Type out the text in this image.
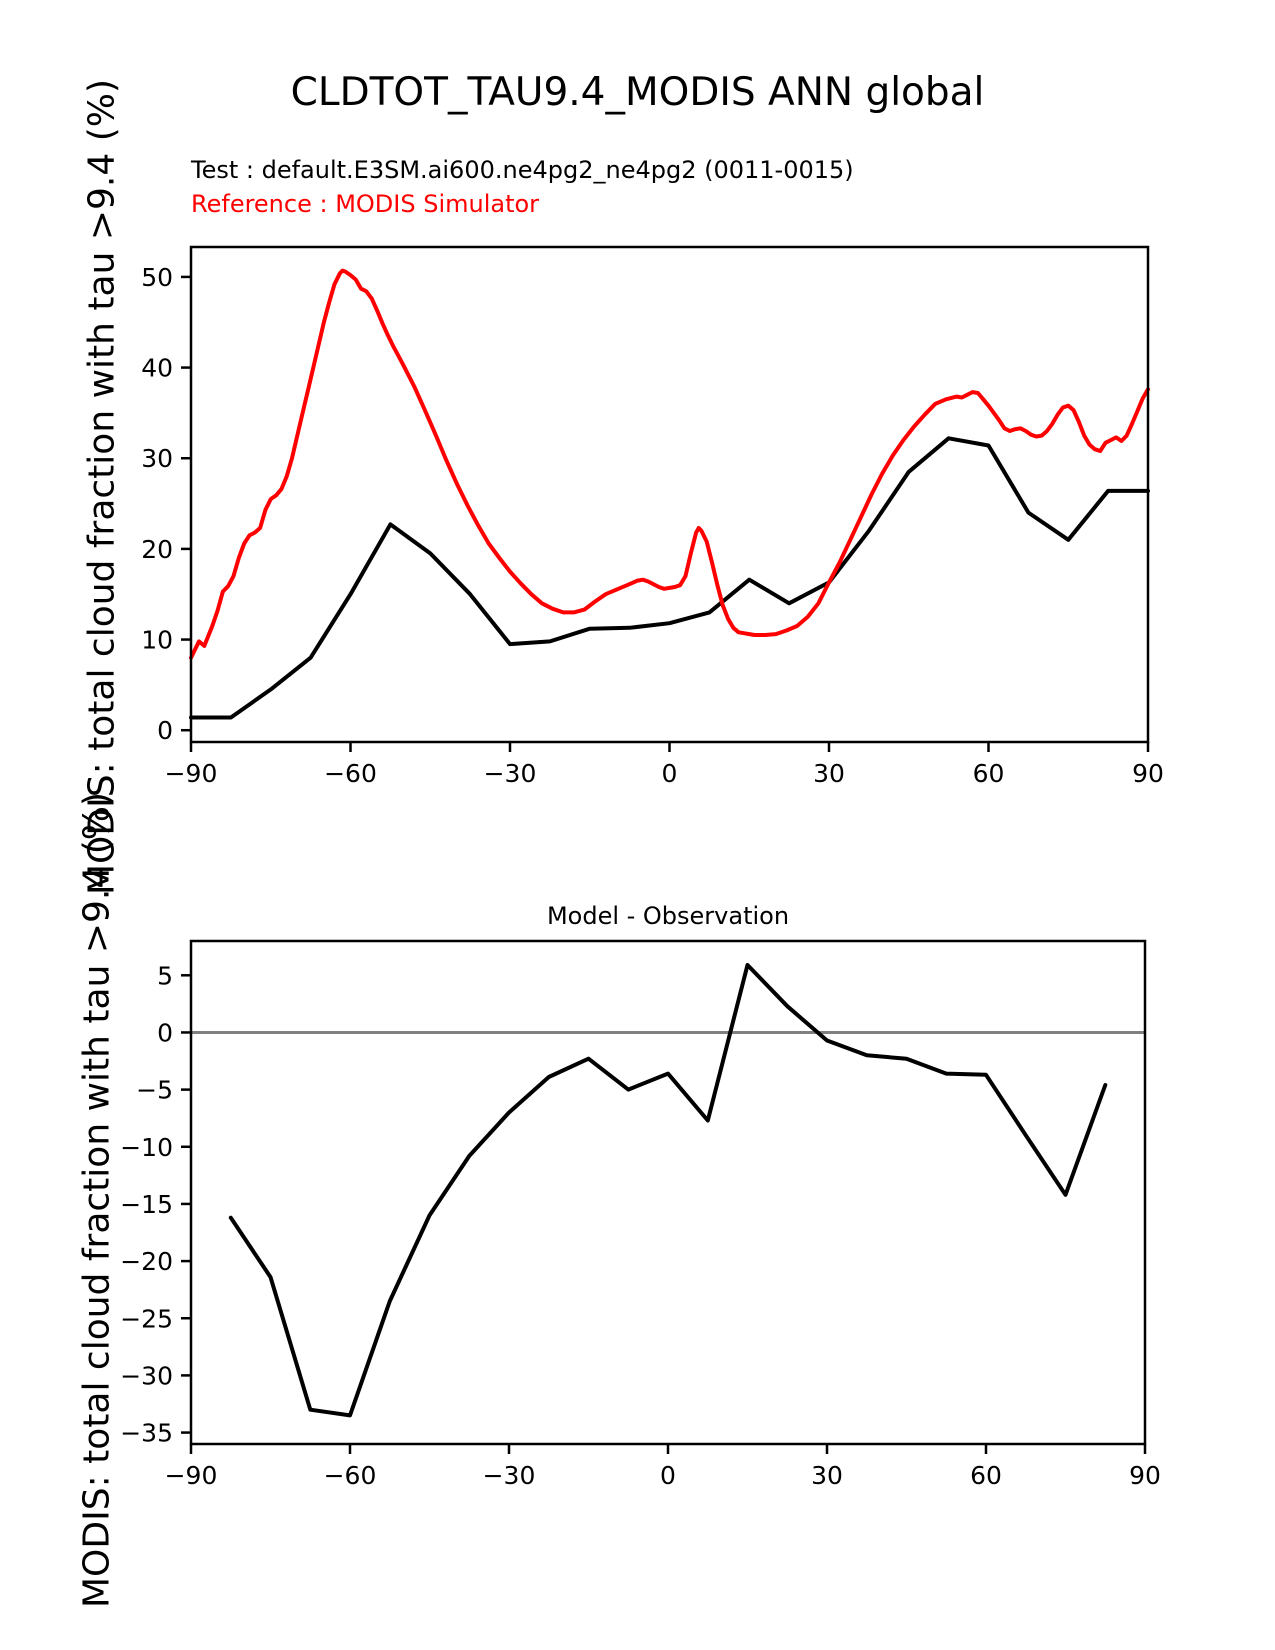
CLDTOT_TAU9.4_MODIS ANN global
Test : default.E3SM.ai600.ne4pg2_ne4pg2 (0011-0015)
Reference : MODIS Simulator
MODIS: total cloud fraction with tau >9.4 (%)
MODIS: total cloud fraction with tau >9.4 (%)	Model - Observation
−90	−60	−30	0	30	60	90
0
10
20
30
40
50
−90	−60	−30	0	30	60	90
5
0
−5
−10
−15
−20
−25
−30
−35
